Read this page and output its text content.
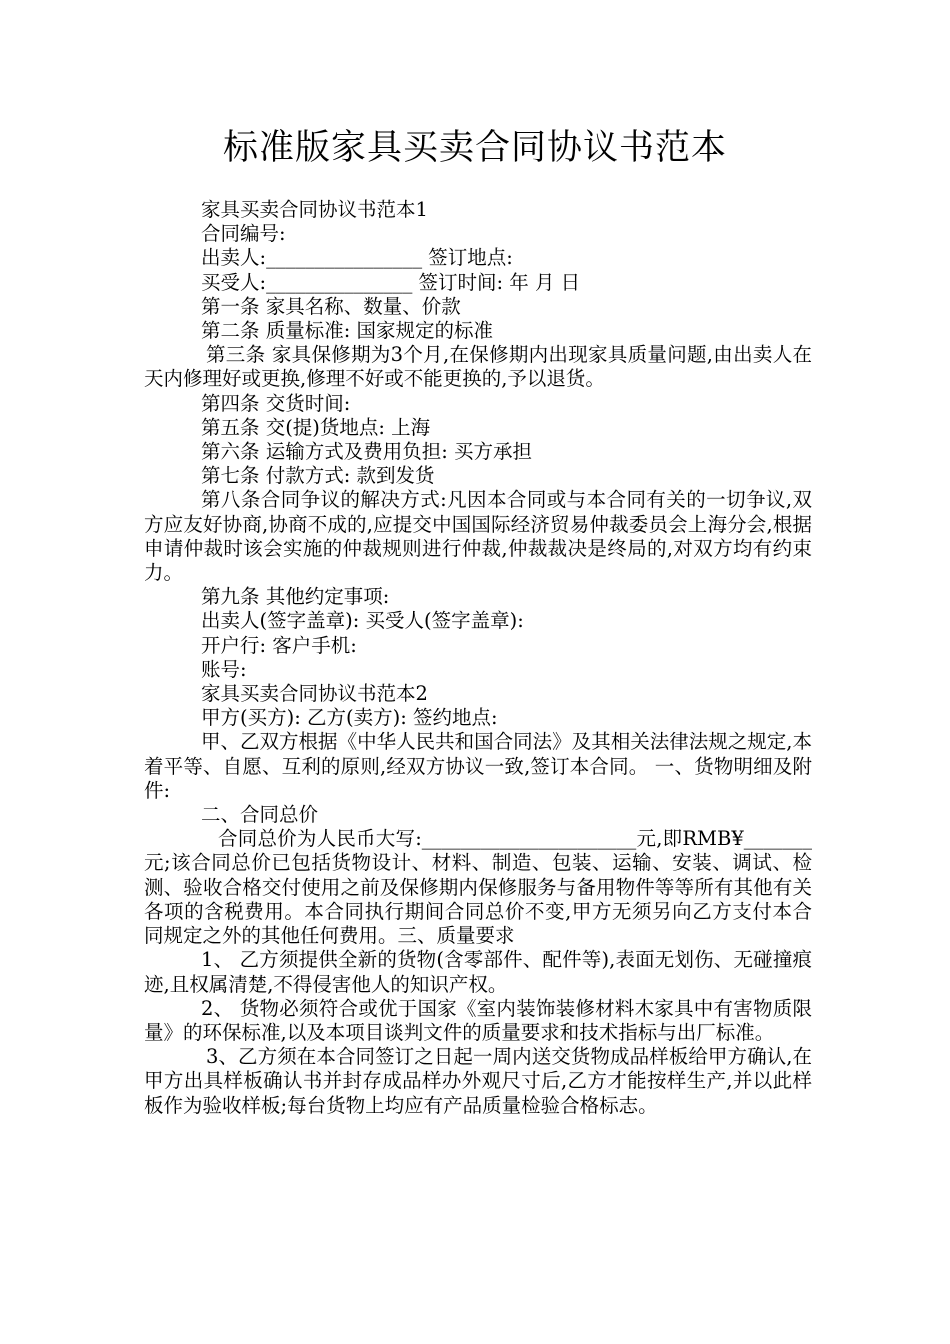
标准版家具买卖合同协议书范本

家具买卖合同协议书范本1

合同编号:

出卖人:________________ 签订地点:

买受人:_______________ 签订时间: 年 月 日

第一条 家具名称、数量、价款

第二条 质量标准: 国家规定的标准

第三条 家具保修期为3个月,在保修期内出现家具质量问题,由出卖人在 天内修理好或更换,修理不好或不能更换的,予以退货。

第四条 交货时间:

第五条 交(提)货地点: 上海

第六条 运输方式及费用负担: 买方承担

第七条 付款方式: 款到发货

第八条合同争议的解决方式:凡因本合同或与本合同有关的一切争议,双方应友好协商,协商不成的,应提交中国国际经济贸易仲裁委员会上海分会,根据申请仲裁时该会实施的仲裁规则进行仲裁,仲裁裁决是终局的,对双方均有约束力。

第九条 其他约定事项:

出卖人(签字盖章): 买受人(签字盖章):

开户行: 客户手机:

账号:

家具买卖合同协议书范本2

甲方(买方): 乙方(卖方): 签约地点:

甲、乙双方根据《中华人民共和国合同法》及其相关法律法规之规定,本着平等、自愿、互利的原则,经双方协议一致,签订本合同。 一、货物明细及附件:

二、合同总价

合同总价为人民币大写:______________________元,即RMB¥_______元;该合同总价已包括货物设计、材料、制造、包装、运输、安装、调试、检测、验收合格交付使用之前及保修期内保修服务与备用物件等等所有其他有关各项的含税费用。本合同执行期间合同总价不变,甲方无须另向乙方支付本合同规定之外的其他任何费用。三、质量要求

1、 乙方须提供全新的货物(含零部件、配件等),表面无划伤、无碰撞痕迹,且权属清楚,不得侵害他人的知识产权。

2、 货物必须符合或优于国家《室内装饰装修材料木家具中有害物质限量》的环保标准,以及本项目谈判文件的质量要求和技术指标与出厂标准。

3、乙方须在本合同签订之日起一周内送交货物成品样板给甲方确认,在甲方出具样板确认书并封存成品样办外观尺寸后,乙方才能按样生产,并以此样板作为验收样板;每台货物上均应有产品质量检验合格标志。
